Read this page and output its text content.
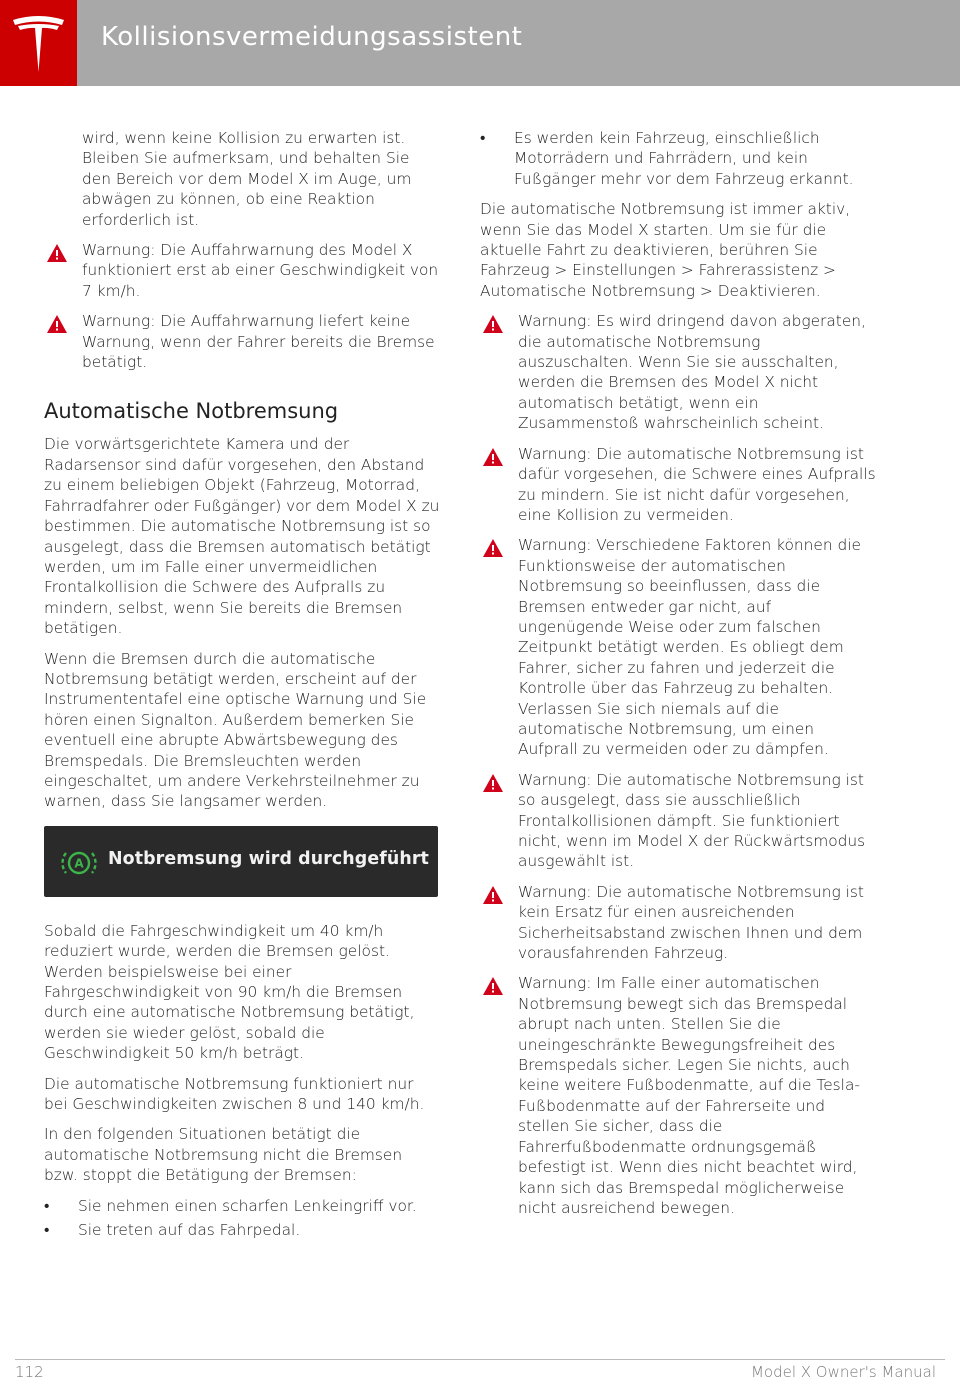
Kollisionsvermeidungsassistent

wird, wenn keine Kollision zu erwarten ist. Bleiben Sie aufmerksam, und behalten Sie den Bereich vor dem Model X im Auge, um abwägen zu können, ob eine Reaktion erforderlich ist.

Warnung: Die Auffahrwarnung des Model X funktioniert erst ab einer Geschwindigkeit von 7 km/h.
Warnung: Die Auffahrwarnung liefert keine Warnung, wenn der Fahrer bereits die Bremse betätigt.
Automatische Notbremsung

Die vorwärtsgerichtete Kamera und der Radarsensor sind dafür vorgesehen, den Abstand zu einem beliebigen Objekt (Fahrzeug, Motorrad, Fahrradfahrer oder Fußgänger) vor dem Model X zu bestimmen. Die automatische Notbremsung ist so ausgelegt, dass die Bremsen automatisch betätigt werden, um im Falle einer unvermeidlichen Frontalkollision die Schwere des Aufpralls zu mindern, selbst, wenn Sie bereits die Bremsen betätigen.

Wenn die Bremsen durch die automatische Notbremsung betätigt werden, erscheint auf der Instrumententafel eine optische Warnung und Sie hören einen Signalton. Außerdem bemerken Sie eventuell eine abrupte Abwärtsbewegung des Bremspedals. Die Bremsleuchten werden eingeschaltet, um andere Verkehrsteilnehmer zu warnen, dass Sie langsamer werden.

A Notbremsung wird durchgeführt

Sobald die Fahrgeschwindigkeit um 40 km/h reduziert wurde, werden die Bremsen gelöst. Werden beispielsweise bei einer Fahrgeschwindigkeit von 90 km/h die Bremsen durch eine automatische Notbremsung betätigt, werden sie wieder gelöst, sobald die Geschwindigkeit 50 km/h beträgt.

Die automatische Notbremsung funktioniert nur bei Geschwindigkeiten zwischen 8 und 140 km/h.

In den folgenden Situationen betätigt die automatische Notbremsung nicht die Bremsen bzw. stoppt die Betätigung der Bremsen:

• Sie nehmen einen scharfen Lenkeingriff vor.
• Sie treten auf das Fahrpedal.
• Es werden kein Fahrzeug, einschließlich Motorrädern und Fahrrädern, und kein Fußgänger mehr vor dem Fahrzeug erkannt.

Die automatische Notbremsung ist immer aktiv, wenn Sie das Model X starten. Um sie für die aktuelle Fahrt zu deaktivieren, berühren Sie Fahrzeug > Einstellungen > Fahrerassistenz > Automatische Notbremsung > Deaktivieren.

Warnung: Es wird dringend davon abgeraten, die automatische Notbremsung auszuschalten. Wenn Sie sie ausschalten, werden die Bremsen des Model X nicht automatisch betätigt, wenn ein Zusammenstoß wahrscheinlich scheint.
Warnung: Die automatische Notbremsung ist dafür vorgesehen, die Schwere eines Aufpralls zu mindern. Sie ist nicht dafür vorgesehen, eine Kollision zu vermeiden.
Warnung: Verschiedene Faktoren können die Funktionsweise der automatischen Notbremsung so beeinflussen, dass die Bremsen entweder gar nicht, auf ungenügende Weise oder zum falschen Zeitpunkt betätigt werden. Es obliegt dem Fahrer, sicher zu fahren und jederzeit die Kontrolle über das Fahrzeug zu behalten. Verlassen Sie sich niemals auf die automatische Notbremsung, um einen Aufprall zu vermeiden oder zu dämpfen.
Warnung: Die automatische Notbremsung ist so ausgelegt, dass sie ausschließlich Frontalkollisionen dämpft. Sie funktioniert nicht, wenn im Model X der Rückwärtsmodus ausgewählt ist.
Warnung: Die automatische Notbremsung ist kein Ersatz für einen ausreichenden Sicherheitsabstand zwischen Ihnen und dem vorausfahrenden Fahrzeug.
Warnung: Im Falle einer automatischen Notbremsung bewegt sich das Bremspedal abrupt nach unten. Stellen Sie die uneingeschränkte Bewegungsfreiheit des Bremspedals sicher. Legen Sie nichts, auch keine weitere Fußbodenmatte, auf die Tesla-Fußbodenmatte auf der Fahrerseite und stellen Sie sicher, dass die Fahrerfußbodenmatte ordnungsgemäß befestigt ist. Wenn dies nicht beachtet wird, kann sich das Bremspedal möglicherweise nicht ausreichend bewegen.
112	Model X Owner's Manual
